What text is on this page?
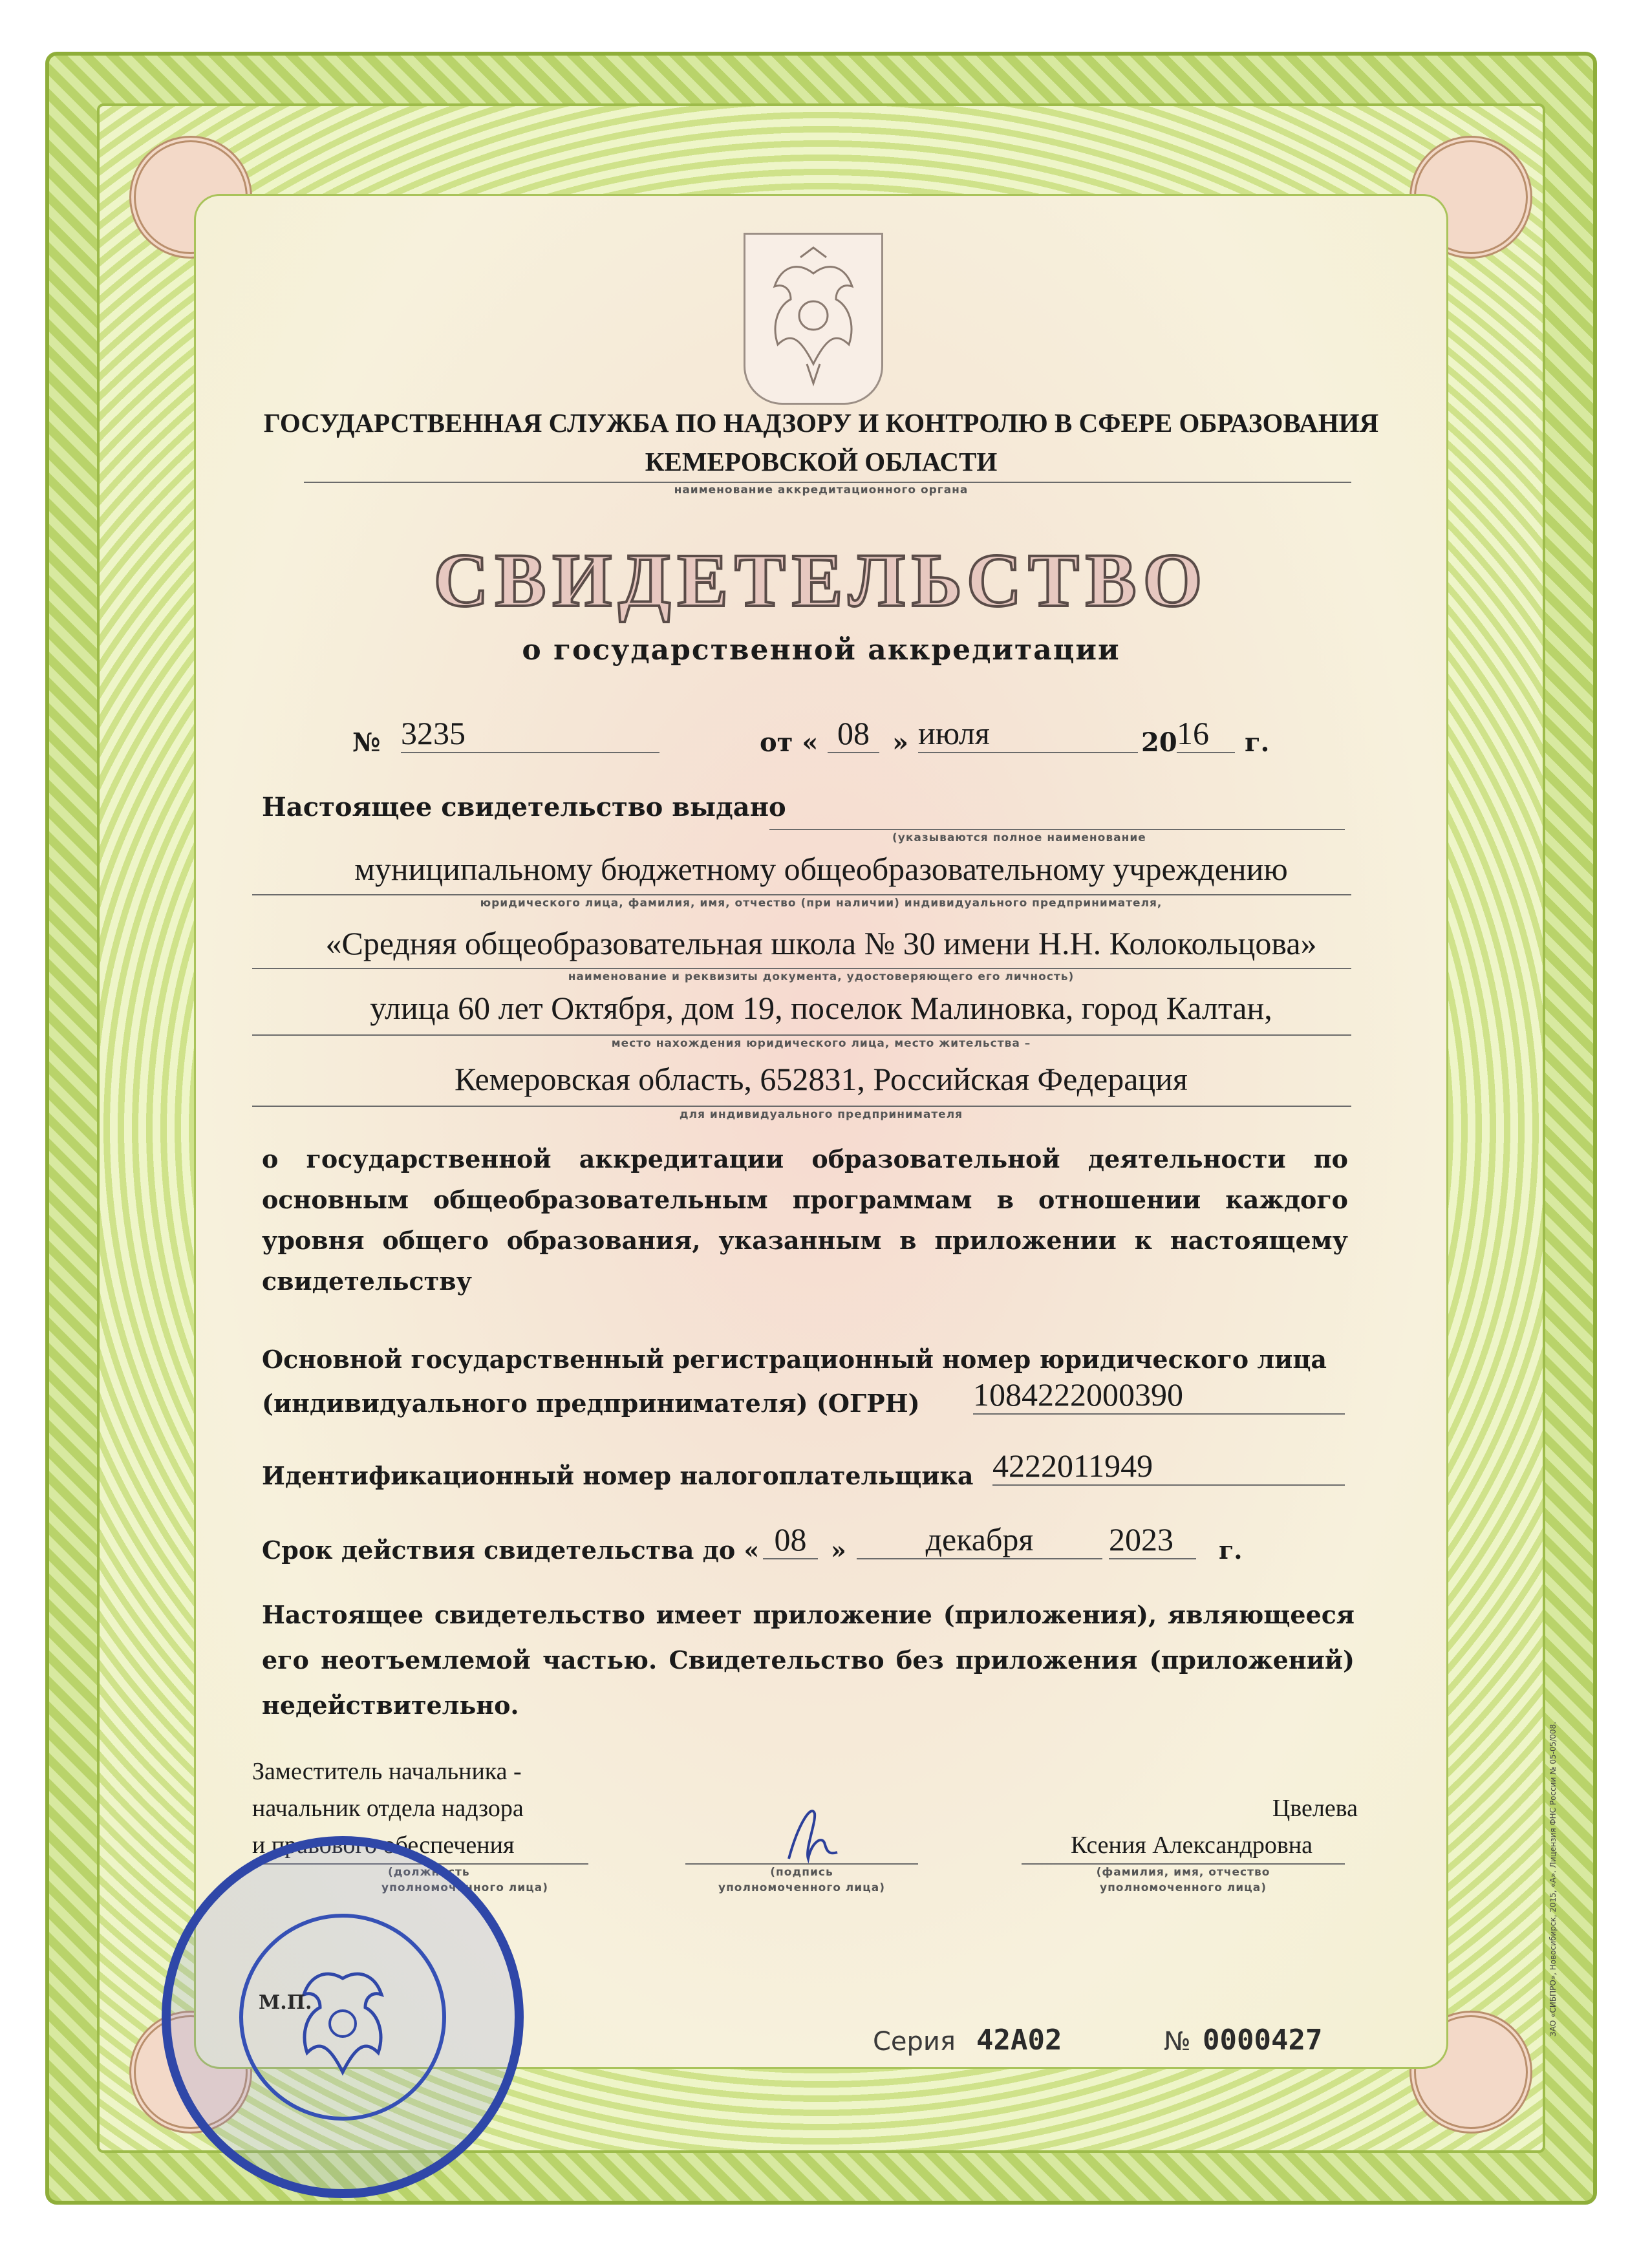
ГОСУДАРСТВЕННАЯ СЛУЖБА ПО НАДЗОРУ И КОНТРОЛЮ В СФЕРЕ ОБРАЗОВАНИЯ
КЕМЕРОВСКОЙ ОБЛАСТИ
наименование аккредитационного органа
СВИДЕТЕЛЬСТВО
о государственной аккредитации
№ 3235	от « 08 » июля	20 16	г.
Настоящее свидетельство выдано
(указываются полное наименование
муниципальному бюджетному общеобразовательному учреждению
юридического лица, фамилия, имя, отчество (при наличии) индивидуального предпринимателя,
«Средняя общеобразовательная школа № 30 имени Н.Н. Колокольцова»
наименование и реквизиты документа, удостоверяющего его личность)
улица 60 лет Октября, дом 19, поселок Малиновка, город Калтан,
место нахождения юридического лица, место жительства –
Кемеровская область, 652831, Российская Федерация
для индивидуального предпринимателя
о государственной аккредитации образовательной деятельности по
основным общеобразовательным программам в отношении каждого
уровня общего образования, указанным в приложении к настоящему
свидетельству
Основной государственный регистрационный номер юридического лица
(индивидуального предпринимателя) (ОГРН) 1084222000390
Идентификационный номер налогоплательщика 4222011949
Срок действия свидетельства до « 08 »	декабря	2023	г.
Настоящее свидетельство имеет приложение (приложения), являющееся
его неотъемлемой частью. Свидетельство без приложения (приложений)
недействительно.
Заместитель начальника -
начальник отдела надзора
и правового обеспечения
(должность
уполномоченного лица)
(подпись
уполномоченного лица)
Цвелева
Ксения Александровна
(фамилия, имя, отчество
уполномоченного лица)
М.П.
Серия 42А02	№ 0000427
ЗАО «СИБПРО», Новосибирск, 2015, «А». Лицензия ФНС России № 05-05/008.
